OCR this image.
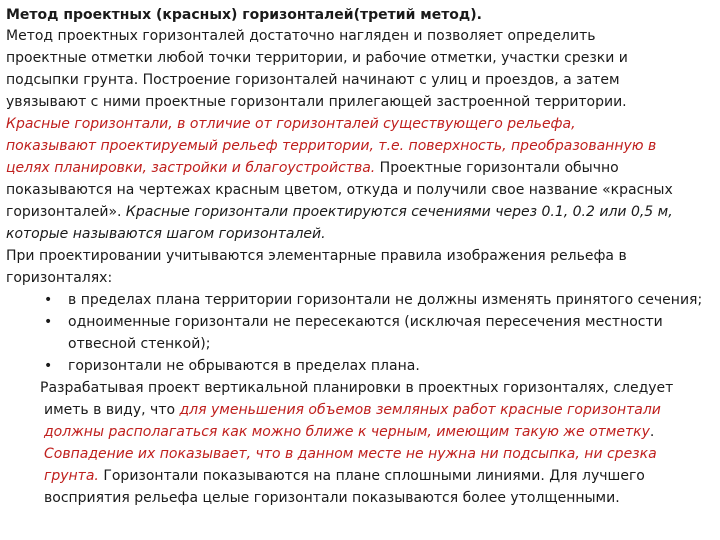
Метод проектных (красных) горизонталей(третий метод).
Метод проектных горизонталей достаточно нагляден и позволяет определить
проектные отметки любой точки территории, и рабочие отметки, участки срезки и
подсыпки грунта. Построение горизонталей начинают с улиц и проездов, а затем
увязывают с ними проектные горизонтали прилегающей застроенной территории.
Красные горизонтали, в отличие от горизонталей существующего рельефа,
показывают проектируемый рельеф территории, т.е. поверхность, преобразованную в
целях планировки, застройки и благоустройства. Проектные горизонтали обычно
показываются на чертежах красным цветом, откуда и получили свое название «красных
горизонталей». Красные горизонтали проектируются сечениями через 0.1, 0.2 или 0,5 м,
которые называются шагом горизонталей.
При проектировании учитываются элементарные правила изображения рельефа в
горизонталях:
• в пределах плана территории горизонтали не должны изменять принятого сечения;
• одноименные горизонтали не пересекаются (исключая пересечения местности
отвесной стенкой);
• горизонтали не обрываются в пределах плана.
Разрабатывая проект вертикальной планировки в проектных горизонталях, следует
иметь в виду, что для уменьшения объемов земляных работ красные горизонтали
должны располагаться как можно ближе к черным, имеющим такую же отметку.
Совпадение их показывает, что в данном месте не нужна ни подсыпка, ни срезка
грунта. Горизонтали показываются на плане сплошными линиями. Для лучшего
восприятия рельефа целые горизонтали показываются более утолщенными.
